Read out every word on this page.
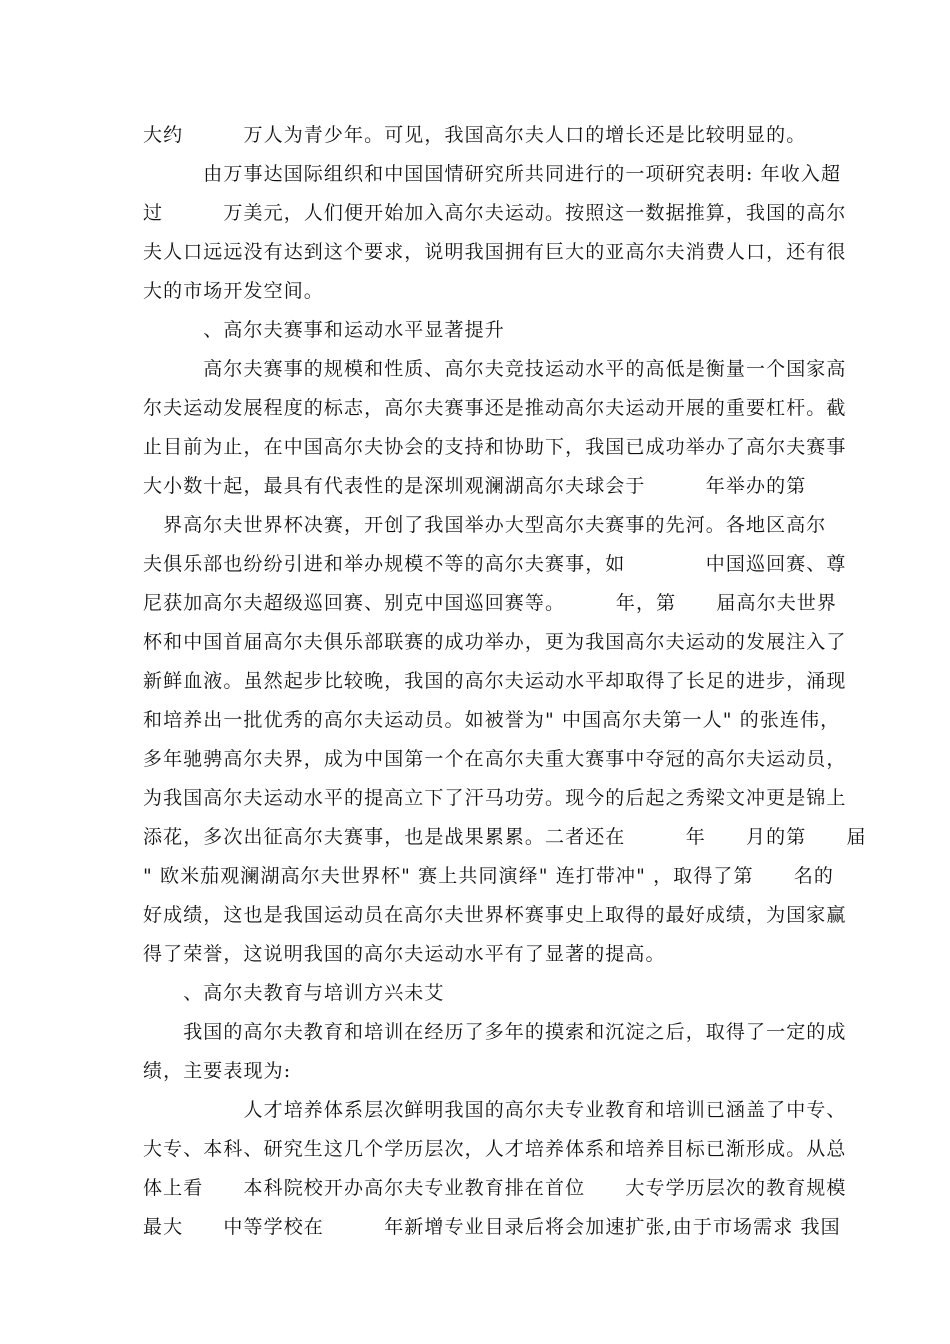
大约　　　万人为青少年。可见，我国高尔夫人口的增长还是比较明显的。
　　　由万事达国际组织和中国国情研究所共同进行的一项研究表明: 年收入超
过　　　万美元，人们便开始加入高尔夫运动。按照这一数据推算，我国的高尔
夫人口远远没有达到这个要求，说明我国拥有巨大的亚高尔夫消费人口，还有很
大的市场开发空间。
　　　、高尔夫赛事和运动水平显著提升
　　　高尔夫赛事的规模和性质、高尔夫竞技运动水平的高低是衡量一个国家高
尔夫运动发展程度的标志，高尔夫赛事还是推动高尔夫运动开展的重要杠杆。截
止目前为止，在中国高尔夫协会的支持和协助下，我国已成功举办了高尔夫赛事
大小数十起，最具有代表性的是深圳观澜湖高尔夫球会于　　　年举办的第
　界高尔夫世界杯决赛，开创了我国举办大型高尔夫赛事的先河。各地区高尔
夫俱乐部也纷纷引进和举办规模不等的高尔夫赛事，如　　　　中国巡回赛、尊
尼获加高尔夫超级巡回赛、别克中国巡回赛等。　　　年，第　　届高尔夫世界
杯和中国首届高尔夫俱乐部联赛的成功举办，更为我国高尔夫运动的发展注入了
新鲜血液。虽然起步比较晚，我国的高尔夫运动水平却取得了长足的进步，涌现
和培养出一批优秀的高尔夫运动员。如被誉为" 中国高尔夫第一人" 的张连伟，
多年驰骋高尔夫界，成为中国第一个在高尔夫重大赛事中夺冠的高尔夫运动员，
为我国高尔夫运动水平的提高立下了汗马功劳。现今的后起之秀梁文冲更是锦上
添花，多次出征高尔夫赛事，也是战果累累。二者还在　　　年　　月的第　　届
" 欧米茄观澜湖高尔夫世界杯" 赛上共同演绎" 连打带冲" ，取得了第　　名的
好成绩，这也是我国运动员在高尔夫世界杯赛事史上取得的最好成绩，为国家赢
得了荣誉，这说明我国的高尔夫运动水平有了显著的提高。
　　、高尔夫教育与培训方兴未艾
　　我国的高尔夫教育和培训在经历了多年的摸索和沉淀之后，取得了一定的成
绩，主要表现为:
　　　　　人才培养体系层次鲜明我国的高尔夫专业教育和培训已涵盖了中专、
大专、本科、研究生这几个学历层次，人才培养体系和培养目标已渐形成。从总
体上看　　本科院校开办高尔夫专业教育排在首位　　大专学历层次的教育规模
最大　　中等学校在　　　年新增专业目录后将会加速扩张,由于市场需求 我国
